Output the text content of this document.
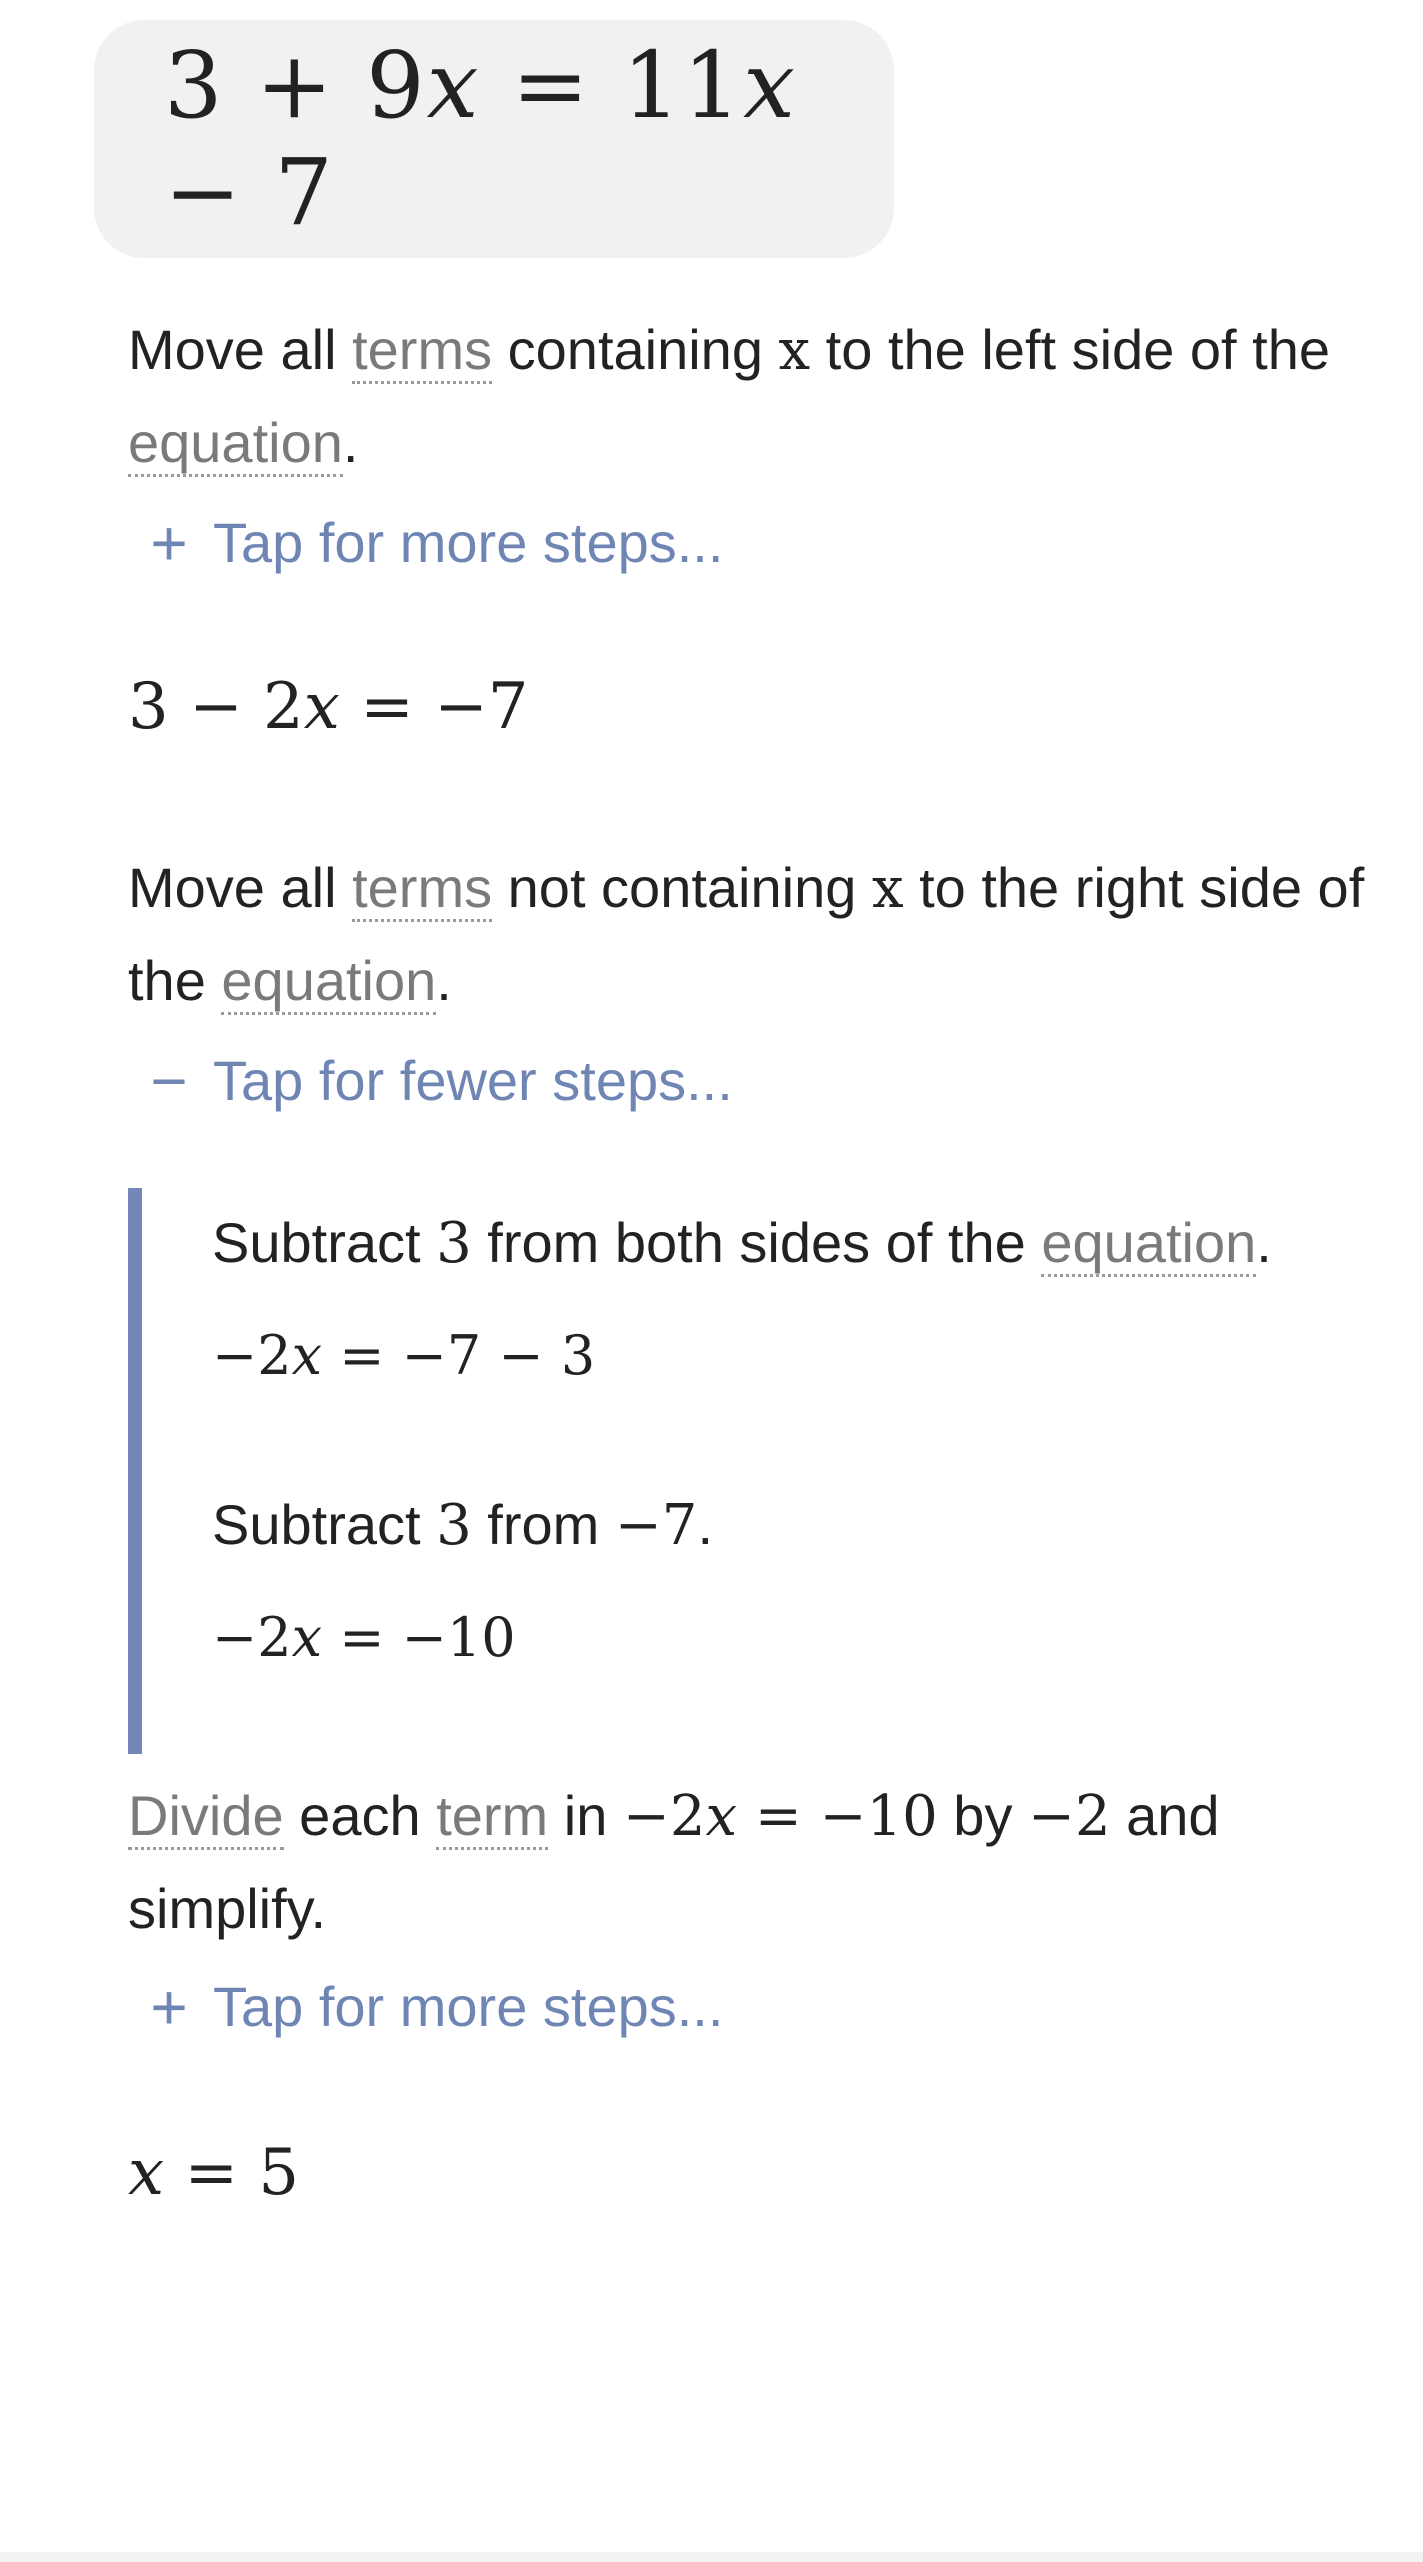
3 + 9x = 11x − 7
Move all terms containing x to the left side of the equation.
+ Tap for more steps...
3 − 2x = −7
Move all terms not containing x to the right side of the equation.
− Tap for fewer steps...
Subtract 3 from both sides of the equation.
−2x = −7 − 3
Subtract 3 from −7.
−2x = −10
Divide each term in −2x = −10 by −2 and simplify.
+ Tap for more steps...
x = 5
